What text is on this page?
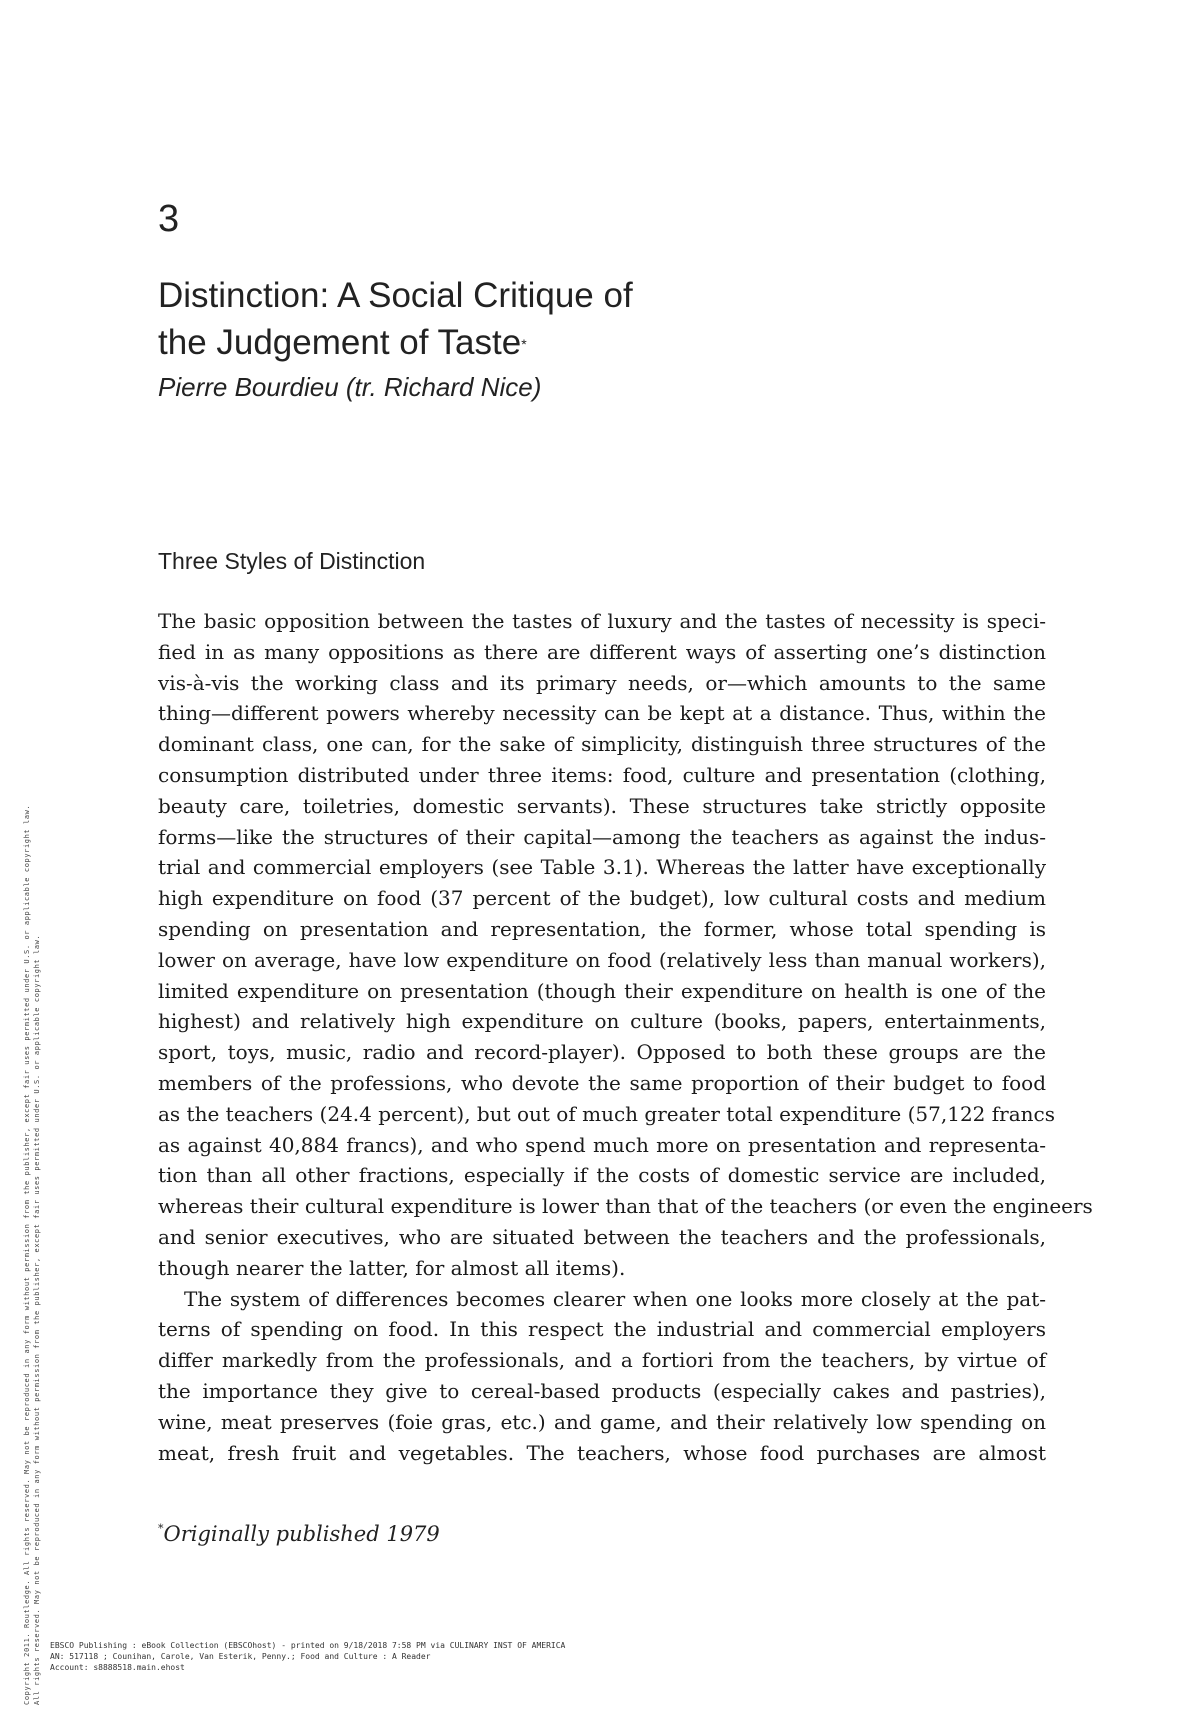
3
Distinction: A Social Critique of
the Judgement of Taste*
Pierre Bourdieu (tr. Richard Nice)
Three Styles of Distinction
The basic opposition between the tastes of luxury and the tastes of necessity is speci-
fied in as many oppositions as there are different ways of asserting one’s distinction
vis-à-vis the working class and its primary needs, or—which amounts to the same
thing—different powers whereby necessity can be kept at a distance. Thus, within the
dominant class, one can, for the sake of simplicity, distinguish three structures of the
consumption distributed under three items: food, culture and presentation (clothing,
beauty care, toiletries, domestic servants). These structures take strictly opposite
forms—like the structures of their capital—among the teachers as against the indus-
trial and commercial employers (see Table 3.1). Whereas the latter have exceptionally
high expenditure on food (37 percent of the budget), low cultural costs and medium
spending on presentation and representation, the former, whose total spending is
lower on average, have low expenditure on food (relatively less than manual workers),
limited expenditure on presentation (though their expenditure on health is one of the
highest) and relatively high expenditure on culture (books, papers, entertainments,
sport, toys, music, radio and record-player). Opposed to both these groups are the
members of the professions, who devote the same proportion of their budget to food
as the teachers (24.4 percent), but out of much greater total expenditure (57,122 francs
as against 40,884 francs), and who spend much more on presentation and representa-
tion than all other fractions, especially if the costs of domestic service are included,
whereas their cultural expenditure is lower than that of the teachers (or even the engineers
and senior executives, who are situated between the teachers and the professionals,
though nearer the latter, for almost all items).
The system of differences becomes clearer when one looks more closely at the pat-
terns of spending on food. In this respect the industrial and commercial employers
differ markedly from the professionals, and a fortiori from the teachers, by virtue of
the importance they give to cereal-based products (especially cakes and pastries),
wine, meat preserves (foie gras, etc.) and game, and their relatively low spending on
meat, fresh fruit and vegetables. The teachers, whose food purchases are almost
*Originally published 1979
Copyright 2011. Routledge. All rights reserved. May not be reproduced in any form without permission from the publisher, except fair uses permitted under U.S. or applicable copyright law. All rights reserved. May not be reproduced in any form without permission from the publisher, except fair uses permitted under U.S. or applicable copyright law. EBSCO Publishing : eBook Collection (EBSCOhost) - printed on 9/18/2018 7:58 PM via CULINARY INST OF AMERICA
AN: 517118 ; Counihan, Carole, Van Esterik, Penny.; Food and Culture : A Reader
Account: s8888518.main.ehost
